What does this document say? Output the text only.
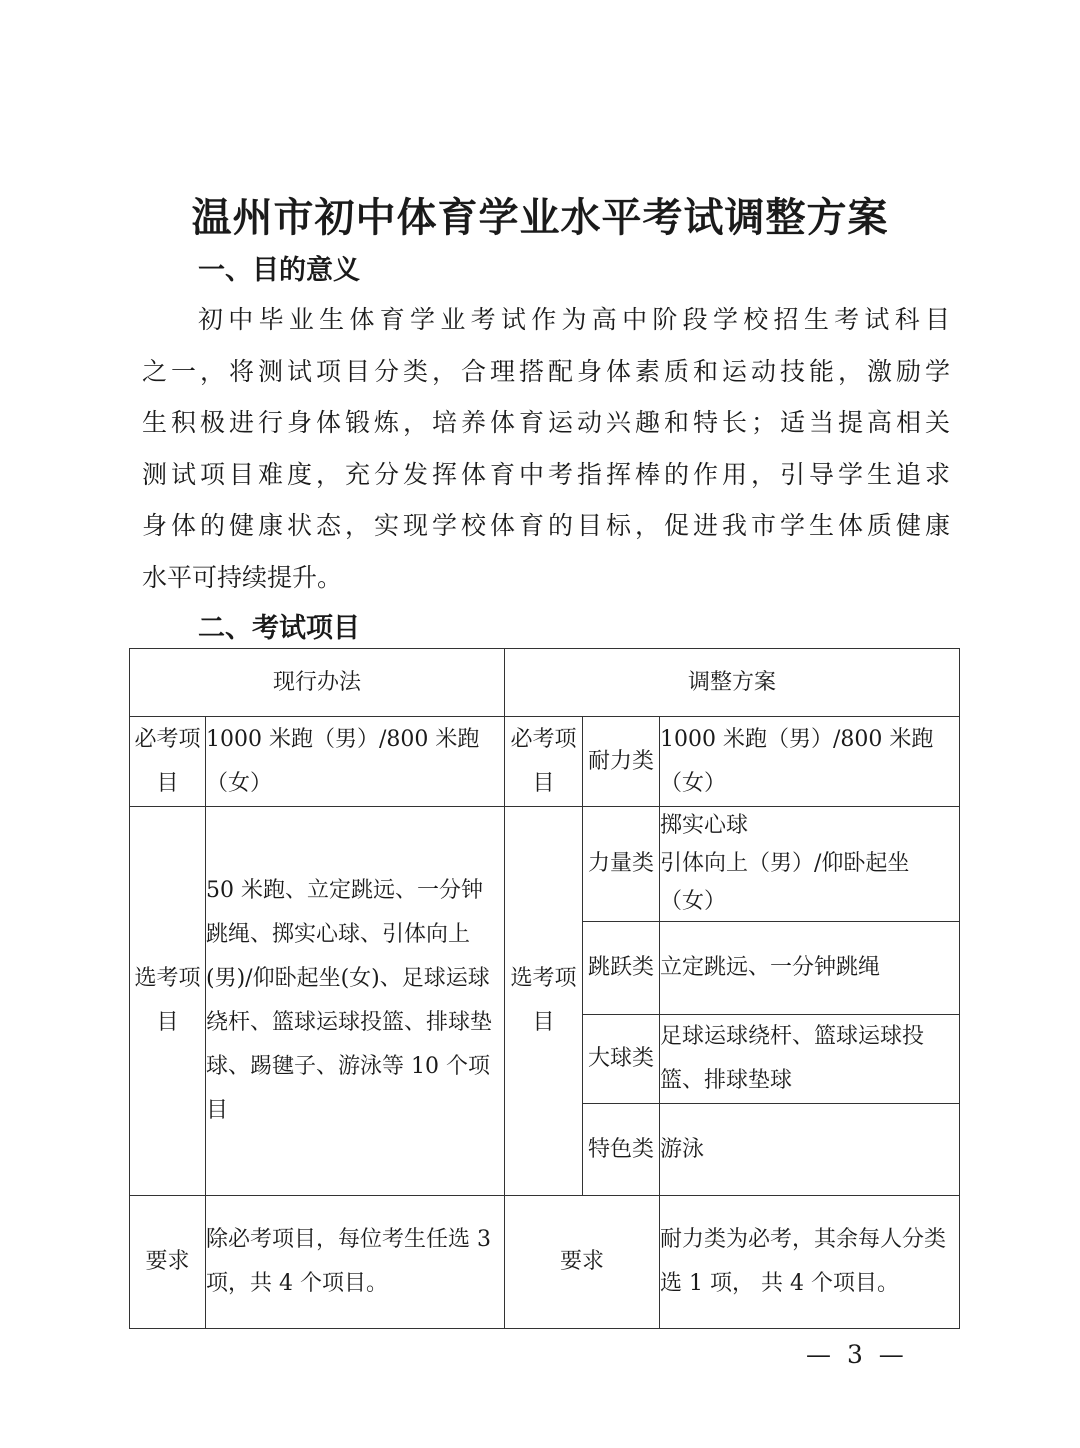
温州市初中体育学业水平考试调整方案
一、目的意义
初中毕业生体育学业考试作为高中阶段学校招生考试科目
之一，将测试项目分类，合理搭配身体素质和运动技能，激励学
生积极进行身体锻炼，培养体育运动兴趣和特长；适当提高相关
测试项目难度，充分发挥体育中考指挥棒的作用，引导学生追求
身体的健康状态，实现学校体育的目标，促进我市学生体质健康
水平可持续提升。
二、考试项目
现行办法		调整方案		
必考项目	1000 米跑（男）/800 米跑（女）	必考项目	耐力类	1000 米跑（男）/800 米跑（女）
选考项目	50 米跑、立定跳远、一分钟跳绳、掷实心球、引体向上(男)/仰卧起坐(女)、足球运球绕杆、篮球运球投篮、排球垫球、踢毽子、游泳等 10 个项目	选考项目	力量类	掷实心球
引体向上（男）/仰卧起坐（女）

			跳跃类	立定跳远、一分钟跳绳
			大球类	足球运球绕杆、篮球运球投篮、排球垫球
			特色类	游泳
要求	除必考项目，每位考生任选 3 项，共 4 个项目。	要求		耐力类为必考，其余每人分类选 1 项， 共 4 个项目。
— 3 —
